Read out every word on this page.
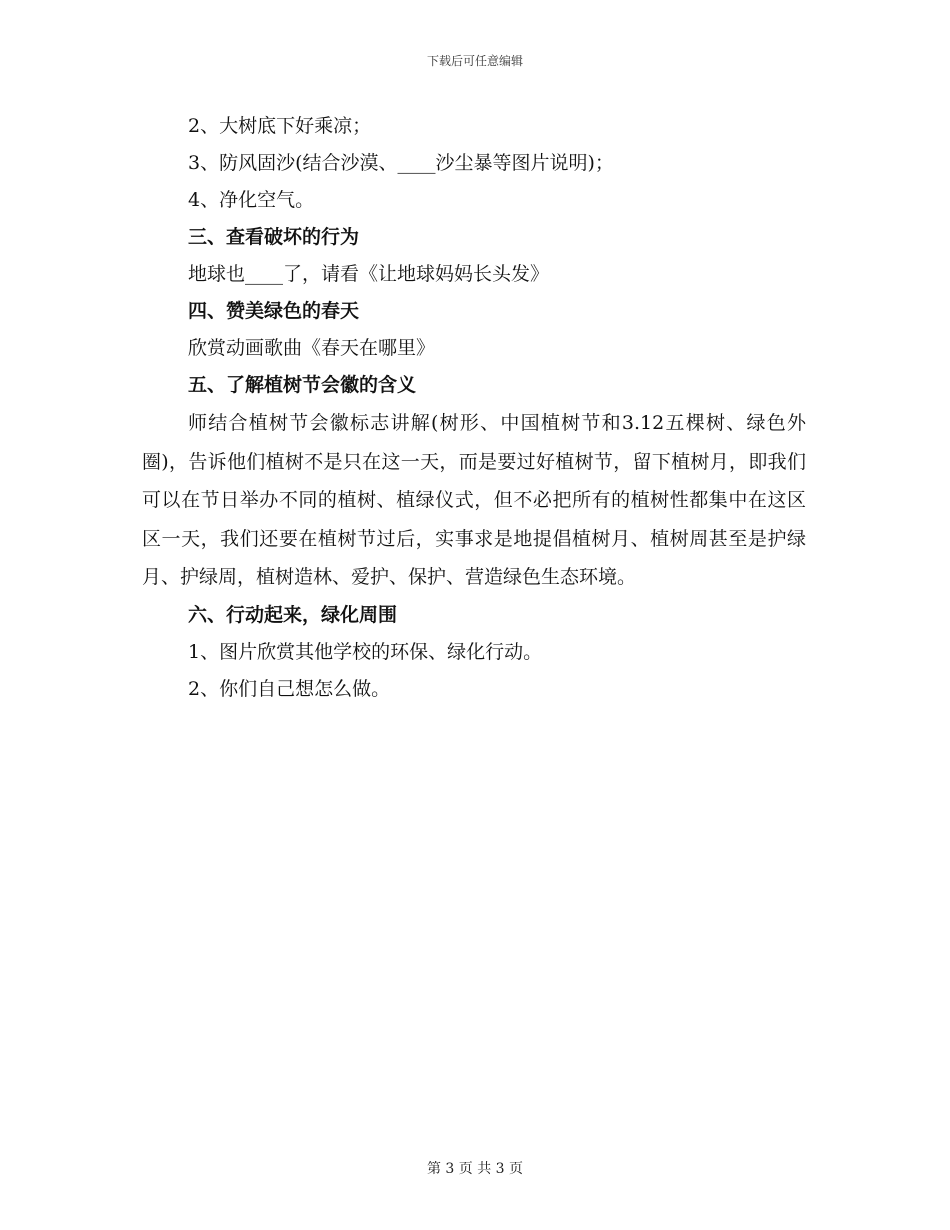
下载后可任意编辑
2、大树底下好乘凉；
3、防风固沙(结合沙漠、____沙尘暴等图片说明)；
4、净化空气。
三、查看破坏的行为
地球也____了，请看《让地球妈妈长头发》
四、赞美绿色的春天
欣赏动画歌曲《春天在哪里》
五、了解植树节会徽的含义

师结合植树节会徽标志讲解(树形、中国植树节和3.12五棵树、绿色外圈)，告诉他们植树不是只在这一天，而是要过好植树节，留下植树月，即我们可以在节日举办不同的植树、植绿仪式，但不必把所有的植树性都集中在这区区一天，我们还要在植树节过后，实事求是地提倡植树月、植树周甚至是护绿月、护绿周，植树造林、爱护、保护、营造绿色生态环境。

六、行动起来，绿化周围
1、图片欣赏其他学校的环保、绿化行动。
2、你们自己想怎么做。
第 3 页 共 3 页
